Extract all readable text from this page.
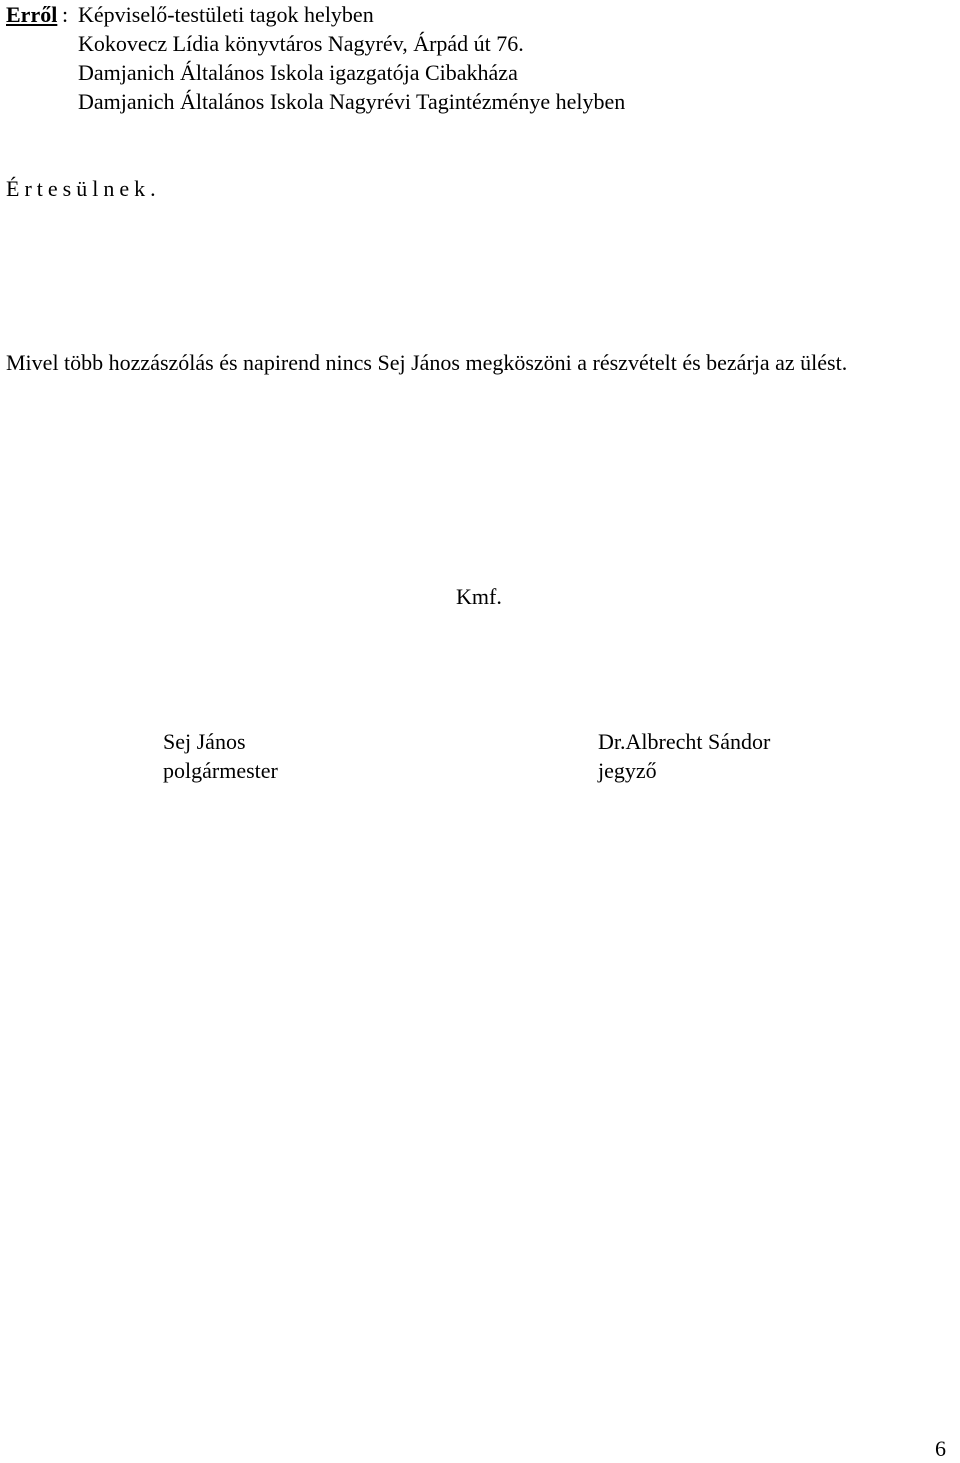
Erről : Képviselő-testületi tagok helyben
Kokovecz Lídia könyvtáros Nagyrév, Árpád út 76.
Damjanich Általános Iskola igazgatója Cibakháza
Damjanich Általános Iskola Nagyrévi Tagintézménye helyben
Értesülnek.
Mivel több hozzászólás és napirend nincs Sej János megköszöni a részvételt és bezárja az ülést.
Kmf.
Sej János
polgármester
Dr.Albrecht Sándor
jegyző
6
